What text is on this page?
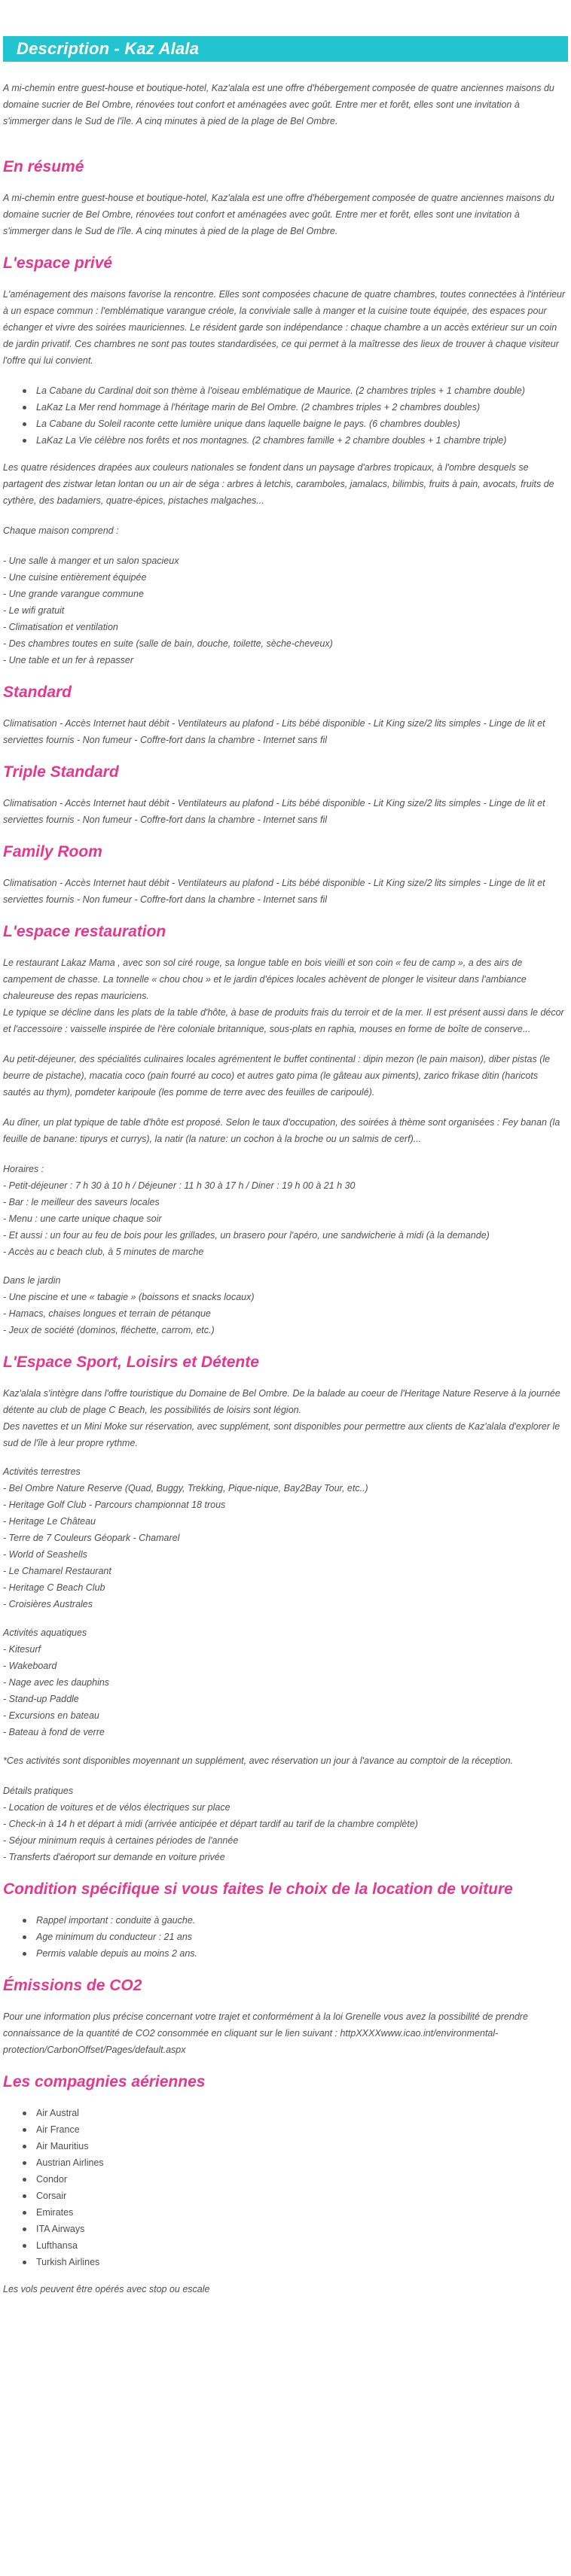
Description - Kaz Alala

A mi-chemin entre guest-house et boutique-hotel, Kaz'alala est une offre d'hébergement composée de quatre anciennes maisons du domaine sucrier de Bel Ombre, rénovées tout confort et aménagées avec goût. Entre mer et forêt, elles sont une invitation à s'immerger dans le Sud de l'île. A cinq minutes à pied de la plage de Bel Ombre.

En résumé

A mi-chemin entre guest-house et boutique-hotel, Kaz'alala est une offre d'hébergement composée de quatre anciennes maisons du domaine sucrier de Bel Ombre, rénovées tout confort et aménagées avec goût. Entre mer et forêt, elles sont une invitation à s'immerger dans le Sud de l'île. A cinq minutes à pied de la plage de Bel Ombre.

L'espace privé

L'aménagement des maisons favorise la rencontre. Elles sont composées chacune de quatre chambres, toutes connectées à l'intérieur à un espace commun : l'emblématique varangue créole, la conviviale salle à manger et la cuisine toute équipée, des espaces pour échanger et vivre des soirées mauriciennes. Le résident garde son indépendance : chaque chambre a un accès extérieur sur un coin de jardin privatif. Ces chambres ne sont pas toutes standardisées, ce qui permet à la maîtresse des lieux de trouver à chaque visiteur l'offre qui lui convient.

La Cabane du Cardinal doit son thème à l'oiseau emblématique de Maurice. (2 chambres triples + 1 chambre double)
LaKaz La Mer rend hommage à l'héritage marin de Bel Ombre. (2 chambres triples + 2 chambres doubles)
La Cabane du Soleil raconte cette lumière unique dans laquelle baigne le pays. (6 chambres doubles)
LaKaz La Vie célèbre nos forêts et nos montagnes. (2 chambres famille + 2 chambre doubles + 1 chambre triple)

Les quatre résidences drapées aux couleurs nationales se fondent dans un paysage d'arbres tropicaux, à l'ombre desquels se partagent des zistwar letan lontan ou un air de séga : arbres à letchis, caramboles, jamalacs, bilimbis, fruits à pain, avocats, fruits de cythère, des badamiers, quatre-épices, pistaches malgaches...

Chaque maison comprend :

- Une salle à manger et un salon spacieux
- Une cuisine entièrement équipée
- Une grande varangue commune
- Le wifi gratuit
- Climatisation et ventilation
- Des chambres toutes en suite (salle de bain, douche, toilette, sèche-cheveux)
- Une table et un fer à repasser
Standard

Climatisation - Accès Internet haut débit - Ventilateurs au plafond - Lits bébé disponible - Lit King size/2 lits simples - Linge de lit et serviettes fournis - Non fumeur - Coffre-fort dans la chambre - Internet sans fil

Triple Standard

Climatisation - Accès Internet haut débit - Ventilateurs au plafond - Lits bébé disponible - Lit King size/2 lits simples - Linge de lit et serviettes fournis - Non fumeur - Coffre-fort dans la chambre - Internet sans fil

Family Room

Climatisation - Accès Internet haut débit - Ventilateurs au plafond - Lits bébé disponible - Lit King size/2 lits simples - Linge de lit et serviettes fournis - Non fumeur - Coffre-fort dans la chambre - Internet sans fil

L'espace restauration

Le restaurant Lakaz Mama , avec son sol ciré rouge, sa longue table en bois vieilli et son coin « feu de camp », a des airs de campement de chasse. La tonnelle « chou chou » et le jardin d'épices locales achèvent de plonger le visiteur dans l'ambiance chaleureuse des repas mauriciens.

Le typique se décline dans les plats de la table d'hôte, à base de produits frais du terroir et de la mer. Il est présent aussi dans le décor et l'accessoire : vaisselle inspirée de l'ère coloniale britannique, sous-plats en raphia, mouses en forme de boîte de conserve...

Au petit-déjeuner, des spécialités culinaires locales agrémentent le buffet continental : dipin mezon (le pain maison), diber pistas (le beurre de pistache), macatia coco (pain fourré au coco) et autres gato pima (le gâteau aux piments), zarico frikase ditin (haricots sautés au thym), pomdeter karipoule (les pomme de terre avec des feuilles de caripoulé).

Au dîner, un plat typique de table d'hôte est proposé. Selon le taux d'occupation, des soirées à thème sont organisées : Fey banan (la feuille de banane: tipurys et currys), la natir (la nature: un cochon à la broche ou un salmis de cerf)...

Horaires :
- Petit-déjeuner : 7 h 30 à 10 h / Déjeuner : 11 h 30 à 17 h / Diner : 19 h 00 à 21 h 30
- Bar : le meilleur des saveurs locales
- Menu : une carte unique chaque soir
- Et aussi : un four au feu de bois pour les grillades, un brasero pour l'apéro, une sandwicherie à midi (à la demande)
- Accès au c beach club, à 5 minutes de marche
Dans le jardin
- Une piscine et une « tabagie » (boissons et snacks locaux)
- Hamacs, chaises longues et terrain de pétanque
- Jeux de société (dominos, fléchette, carrom, etc.)
L'Espace Sport, Loisirs et Détente

Kaz'alala s'intègre dans l'offre touristique du Domaine de Bel Ombre. De la balade au coeur de l'Heritage Nature Reserve à la journée détente au club de plage C Beach, les possibilités de loisirs sont légion.

Des navettes et un Mini Moke sur réservation, avec supplément, sont disponibles pour permettre aux clients de Kaz'alala d'explorer le sud de l'île à leur propre rythme.

Activités terrestres
- Bel Ombre Nature Reserve (Quad, Buggy, Trekking, Pique-nique, Bay2Bay Tour, etc..)
- Heritage Golf Club - Parcours championnat 18 trous
- Heritage Le Château
- Terre de 7 Couleurs Géopark - Chamarel
- World of Seashells
- Le Chamarel Restaurant
- Heritage C Beach Club
- Croisières Australes
Activités aquatiques
- Kitesurf
- Wakeboard
- Nage avec les dauphins
- Stand-up Paddle
- Excursions en bateau
- Bateau à fond de verre

*Ces activités sont disponibles moyennant un supplément, avec réservation un jour à l'avance au comptoir de la réception.

Détails pratiques
- Location de voitures et de vélos électriques sur place
- Check-in à 14 h et départ à midi (arrivée anticipée et départ tardif au tarif de la chambre complète)
- Séjour minimum requis à certaines périodes de l'année
- Transferts d'aéroport sur demande en voiture privée
Condition spécifique si vous faites le choix de la location de voiture
Rappel important : conduite à gauche.
Age minimum du conducteur : 21 ans
Permis valable depuis au moins 2 ans.
Émissions de CO2

Pour une information plus précise concernant votre trajet et conformément à la loi Grenelle vous avez la possibilité de prendre connaissance de la quantité de CO2 consommée en cliquant sur le lien suivant : httpXXXXwww.icao.int/environmental-protection/CarbonOffset/Pages/default.aspx

Les compagnies aériennes
Air Austral
Air France
Air Mauritius
Austrian Airlines
Condor
Corsair
Emirates
ITA Airways
Lufthansa
Turkish Airlines

Les vols peuvent être opérés avec stop ou escale
